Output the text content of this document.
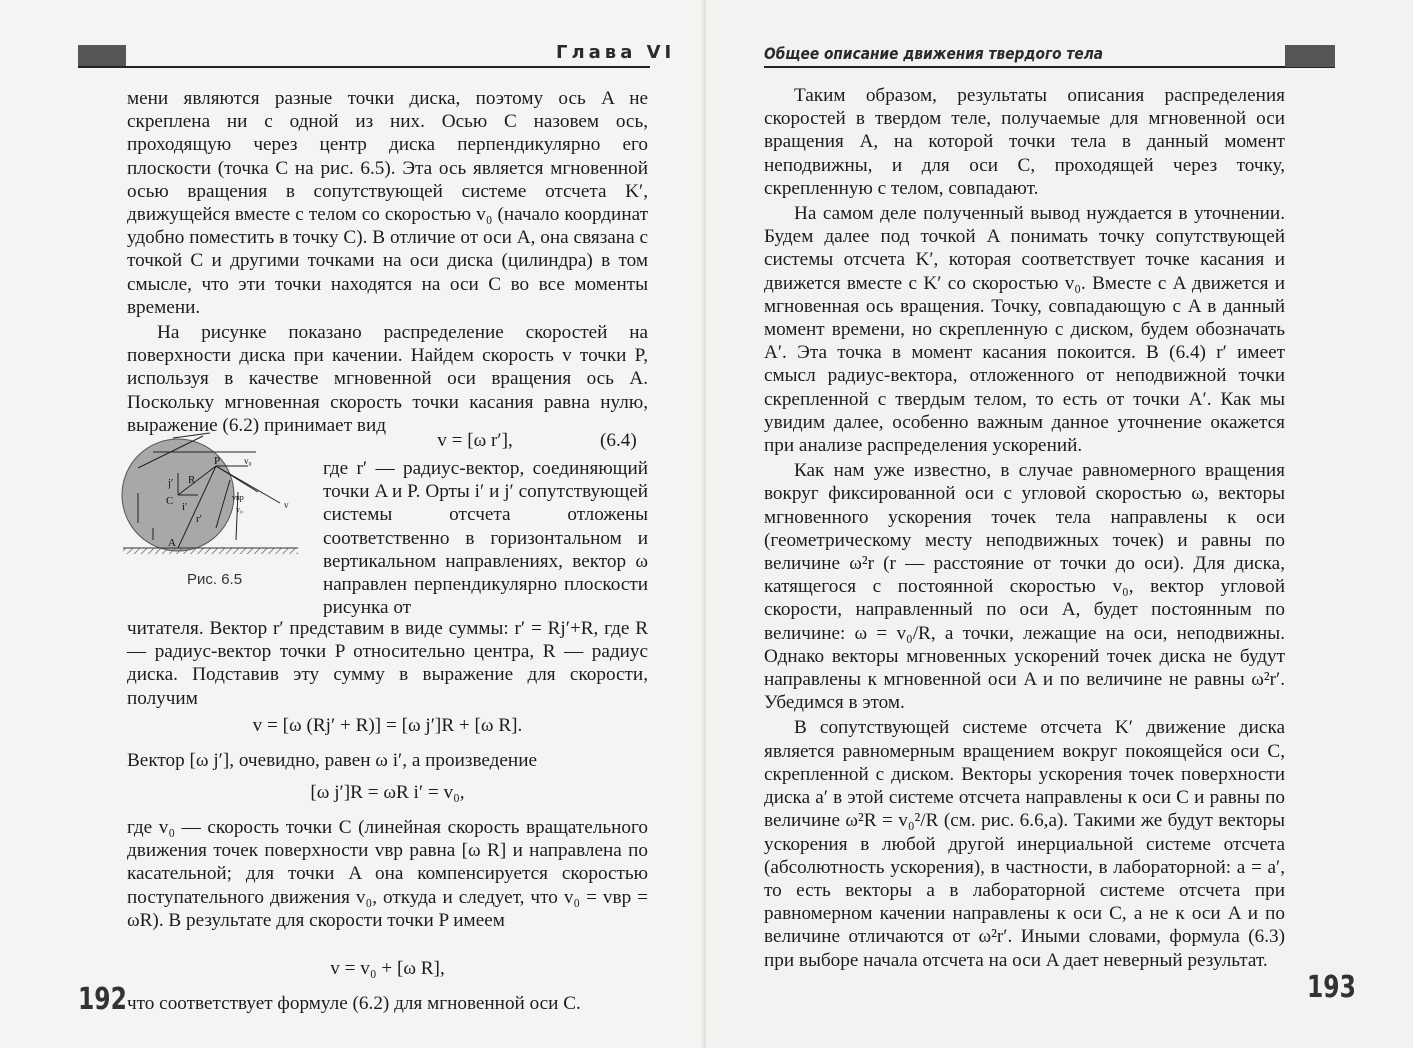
Глава VI

мени являются разные точки диска, поэтому ось A не скреплена ни с одной из них. Осью C назовем ось, проходящую через центр диска перпендикулярно его плоскости (точка C на рис. 6.5). Эта ось является мгновенной осью вращения в сопутствующей системе отсчета K′, движущейся вместе с телом со скоростью v₀ (начало координат удобно поместить в точку C). В отличие от оси A, она связана с точкой C и другими точками на оси диска (цилиндра) в том смысле, что эти точки находятся на оси C во все моменты времени.

На рисунке показано распределение скоростей на поверхности диска при качении. Найдем скорость v точки P, используя в качестве мгновенной оси вращения ось A. Поскольку мгновенная скорость точки касания равна нулю, выражение (6.2) принимает вид

v = [ω r′],	(6.4)
j′
C i′
R
r′
P	v₀
vвр
v₀	v
A
Рис. 6.5
где r′ — радиус-вектор, соединяющий точки A и P. Орты i′ и j′ сопутствующей системы отсчета отложены соответственно в горизонтальном и вертикальном направлениях, вектор ω направлен перпендикулярно плоскости рисунка от

читателя. Вектор r′ представим в виде суммы: r′ = Rj′+R, где R — радиус-вектор точки P относительно центра, R — радиус диска. Подставив эту сумму в выражение для скорости, получим

v = [ω (Rj′ + R)] = [ω j′]R + [ω R].

Вектор [ω j′], очевидно, равен ω i′, а произведение

[ω j′]R = ωR i′ = v₀,

где v₀ — скорость точки C (линейная скорость вращательного движения точек поверхности vвр равна [ω R] и направлена по касательной; для точки A она компенсируется скоростью поступательного движения v₀, откуда и следует, что v₀ = vвр = ωR). В результате для скорости точки P имеем

v = v₀ + [ω R],

что соответствует формуле (6.2) для мгновенной оси C.

192
Общее описание движения твердого тела

Таким образом, результаты описания распределения скоростей в твердом теле, получаемые для мгновенной оси вращения A, на которой точки тела в данный момент неподвижны, и для оси C, проходящей через точку, скрепленную с телом, совпадают.

На самом деле полученный вывод нуждается в уточнении. Будем далее под точкой A понимать точку сопутствующей системы отсчета K′, которая соответствует точке касания и движется вместе с K′ со скоростью v₀. Вместе с A движется и мгновенная ось вращения. Точку, совпадающую с A в данный момент времени, но скрепленную с диском, будем обозначать A′. Эта точка в момент касания покоится. В (6.4) r′ имеет смысл радиус-вектора, отложенного от неподвижной точки скрепленной с твердым телом, то есть от точки A′. Как мы увидим далее, особенно важным данное уточнение окажется при анализе распределения ускорений.

Как нам уже известно, в случае равномерного вращения вокруг фиксированной оси с угловой скоростью ω, векторы мгновенного ускорения точек тела направлены к оси (геометрическому месту неподвижных точек) и равны по величине ω²r (r — расстояние от точки до оси). Для диска, катящегося с постоянной скоростью v₀, вектор угловой скорости, направленный по оси A, будет постоянным по величине: ω = v₀/R, а точки, лежащие на оси, неподвижны. Однако векторы мгновенных ускорений точек диска не будут направлены к мгновенной оси A и по величине не равны ω²r′. Убедимся в этом.

В сопутствующей системе отсчета K′ движение диска является равномерным вращением вокруг покоящейся оси C, скрепленной с диском. Векторы ускорения точек поверхности диска a′ в этой системе отсчета направлены к оси C и равны по величине ω²R = v₀²/R (см. рис. 6.6,a). Такими же будут векторы ускорения в любой другой инерциальной системе отсчета (абсолютность ускорения), в частности, в лабораторной: a = a′, то есть векторы a в лабораторной системе отсчета при равномерном качении направлены к оси C, а не к оси A и по величине отличаются от ω²r′. Иными словами, формула (6.3) при выборе начала отсчета на оси A дает неверный результат.

193
